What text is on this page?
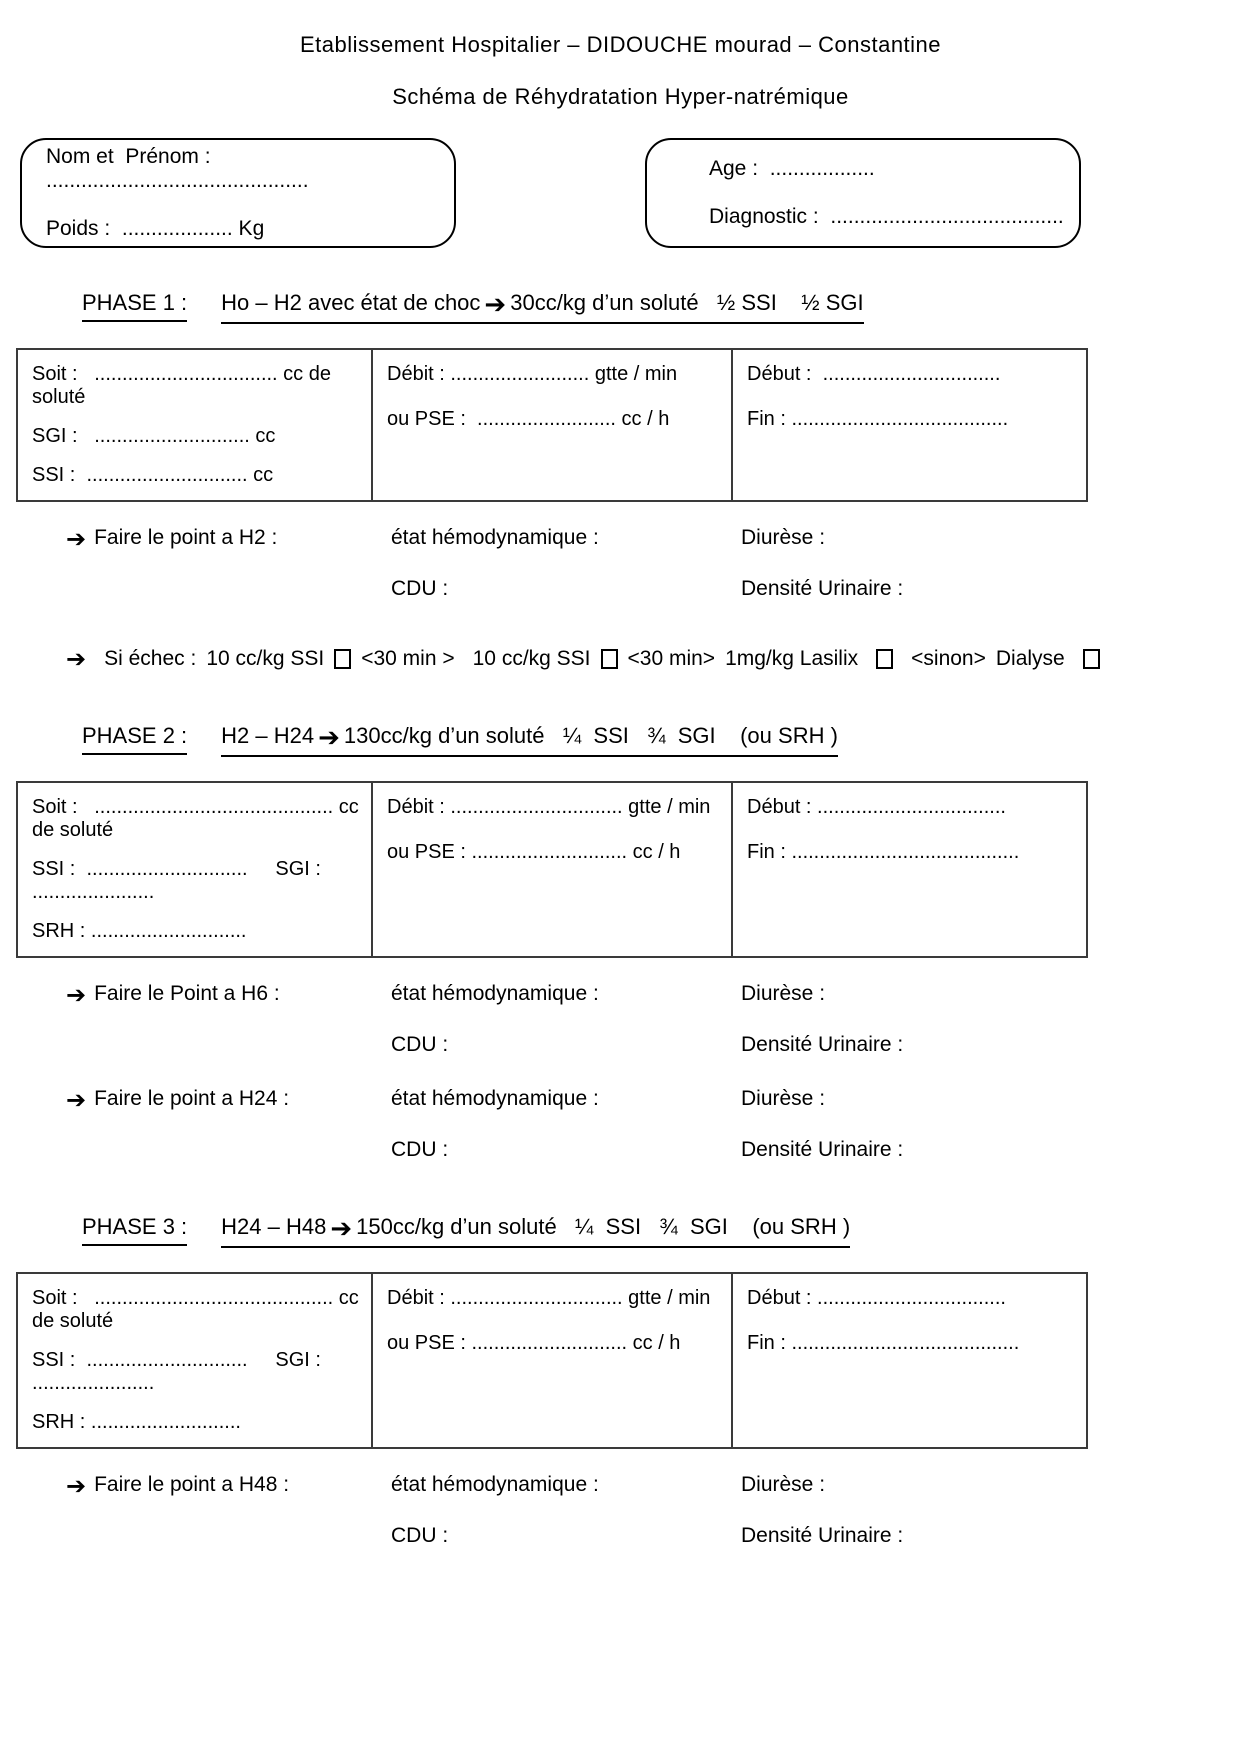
Etablissement Hospitalier – DIDOUCHE mourad – Constantine
Schéma de Réhydratation Hyper-natrémique
Nom et  Prénom :   .............................................
Poids :  ................... Kg
Age :  ..................
Diagnostic :  ........................................
PHASE 1 : Ho – H2 avec état de choc ➔ 30cc/kg d’un soluté   ½ SSI    ½ SGI
Soit :   ................................. cc de soluté
SGI :   ............................ cc
SSI :  ............................. cc
Débit : ......................... gtte / min
ou PSE :  ......................... cc / h
Début :  ................................
Fin : .......................................
➔ Faire le point a H2 :	état hémodynamique :	Diurèse :
CDU :	Densité Urinaire :
➔ Si échec : 10 cc/kg SSI <30 min > 10 cc/kg SSI <30 min> 1mg/kg Lasilix	<sinon> Dialyse
PHASE 2 : H2 – H24 ➔ 130cc/kg d’un soluté   ¼  SSI   ¾  SGI    (ou SRH )
Soit :   ........................................... cc de soluté
SSI :  .............................     SGI :  ......................
SRH : ............................
Débit : ............................... gtte / min
ou PSE : ............................ cc / h
Début : ..................................
Fin : .........................................
➔ Faire le Point a H6 :	état hémodynamique :	Diurèse :
CDU :	Densité Urinaire :
➔ Faire le point a H24 :	état hémodynamique :	Diurèse :
CDU :	Densité Urinaire :
PHASE 3 : H24 – H48 ➔ 150cc/kg d’un soluté   ¼  SSI   ¾  SGI    (ou SRH )
Soit :   ........................................... cc de soluté
SSI :  .............................     SGI :  ......................
SRH : ...........................
Débit : ............................... gtte / min
ou PSE : ............................ cc / h
Début : ..................................
Fin : .........................................
➔ Faire le point a H48 :	état hémodynamique :	Diurèse :
CDU :	Densité Urinaire :
